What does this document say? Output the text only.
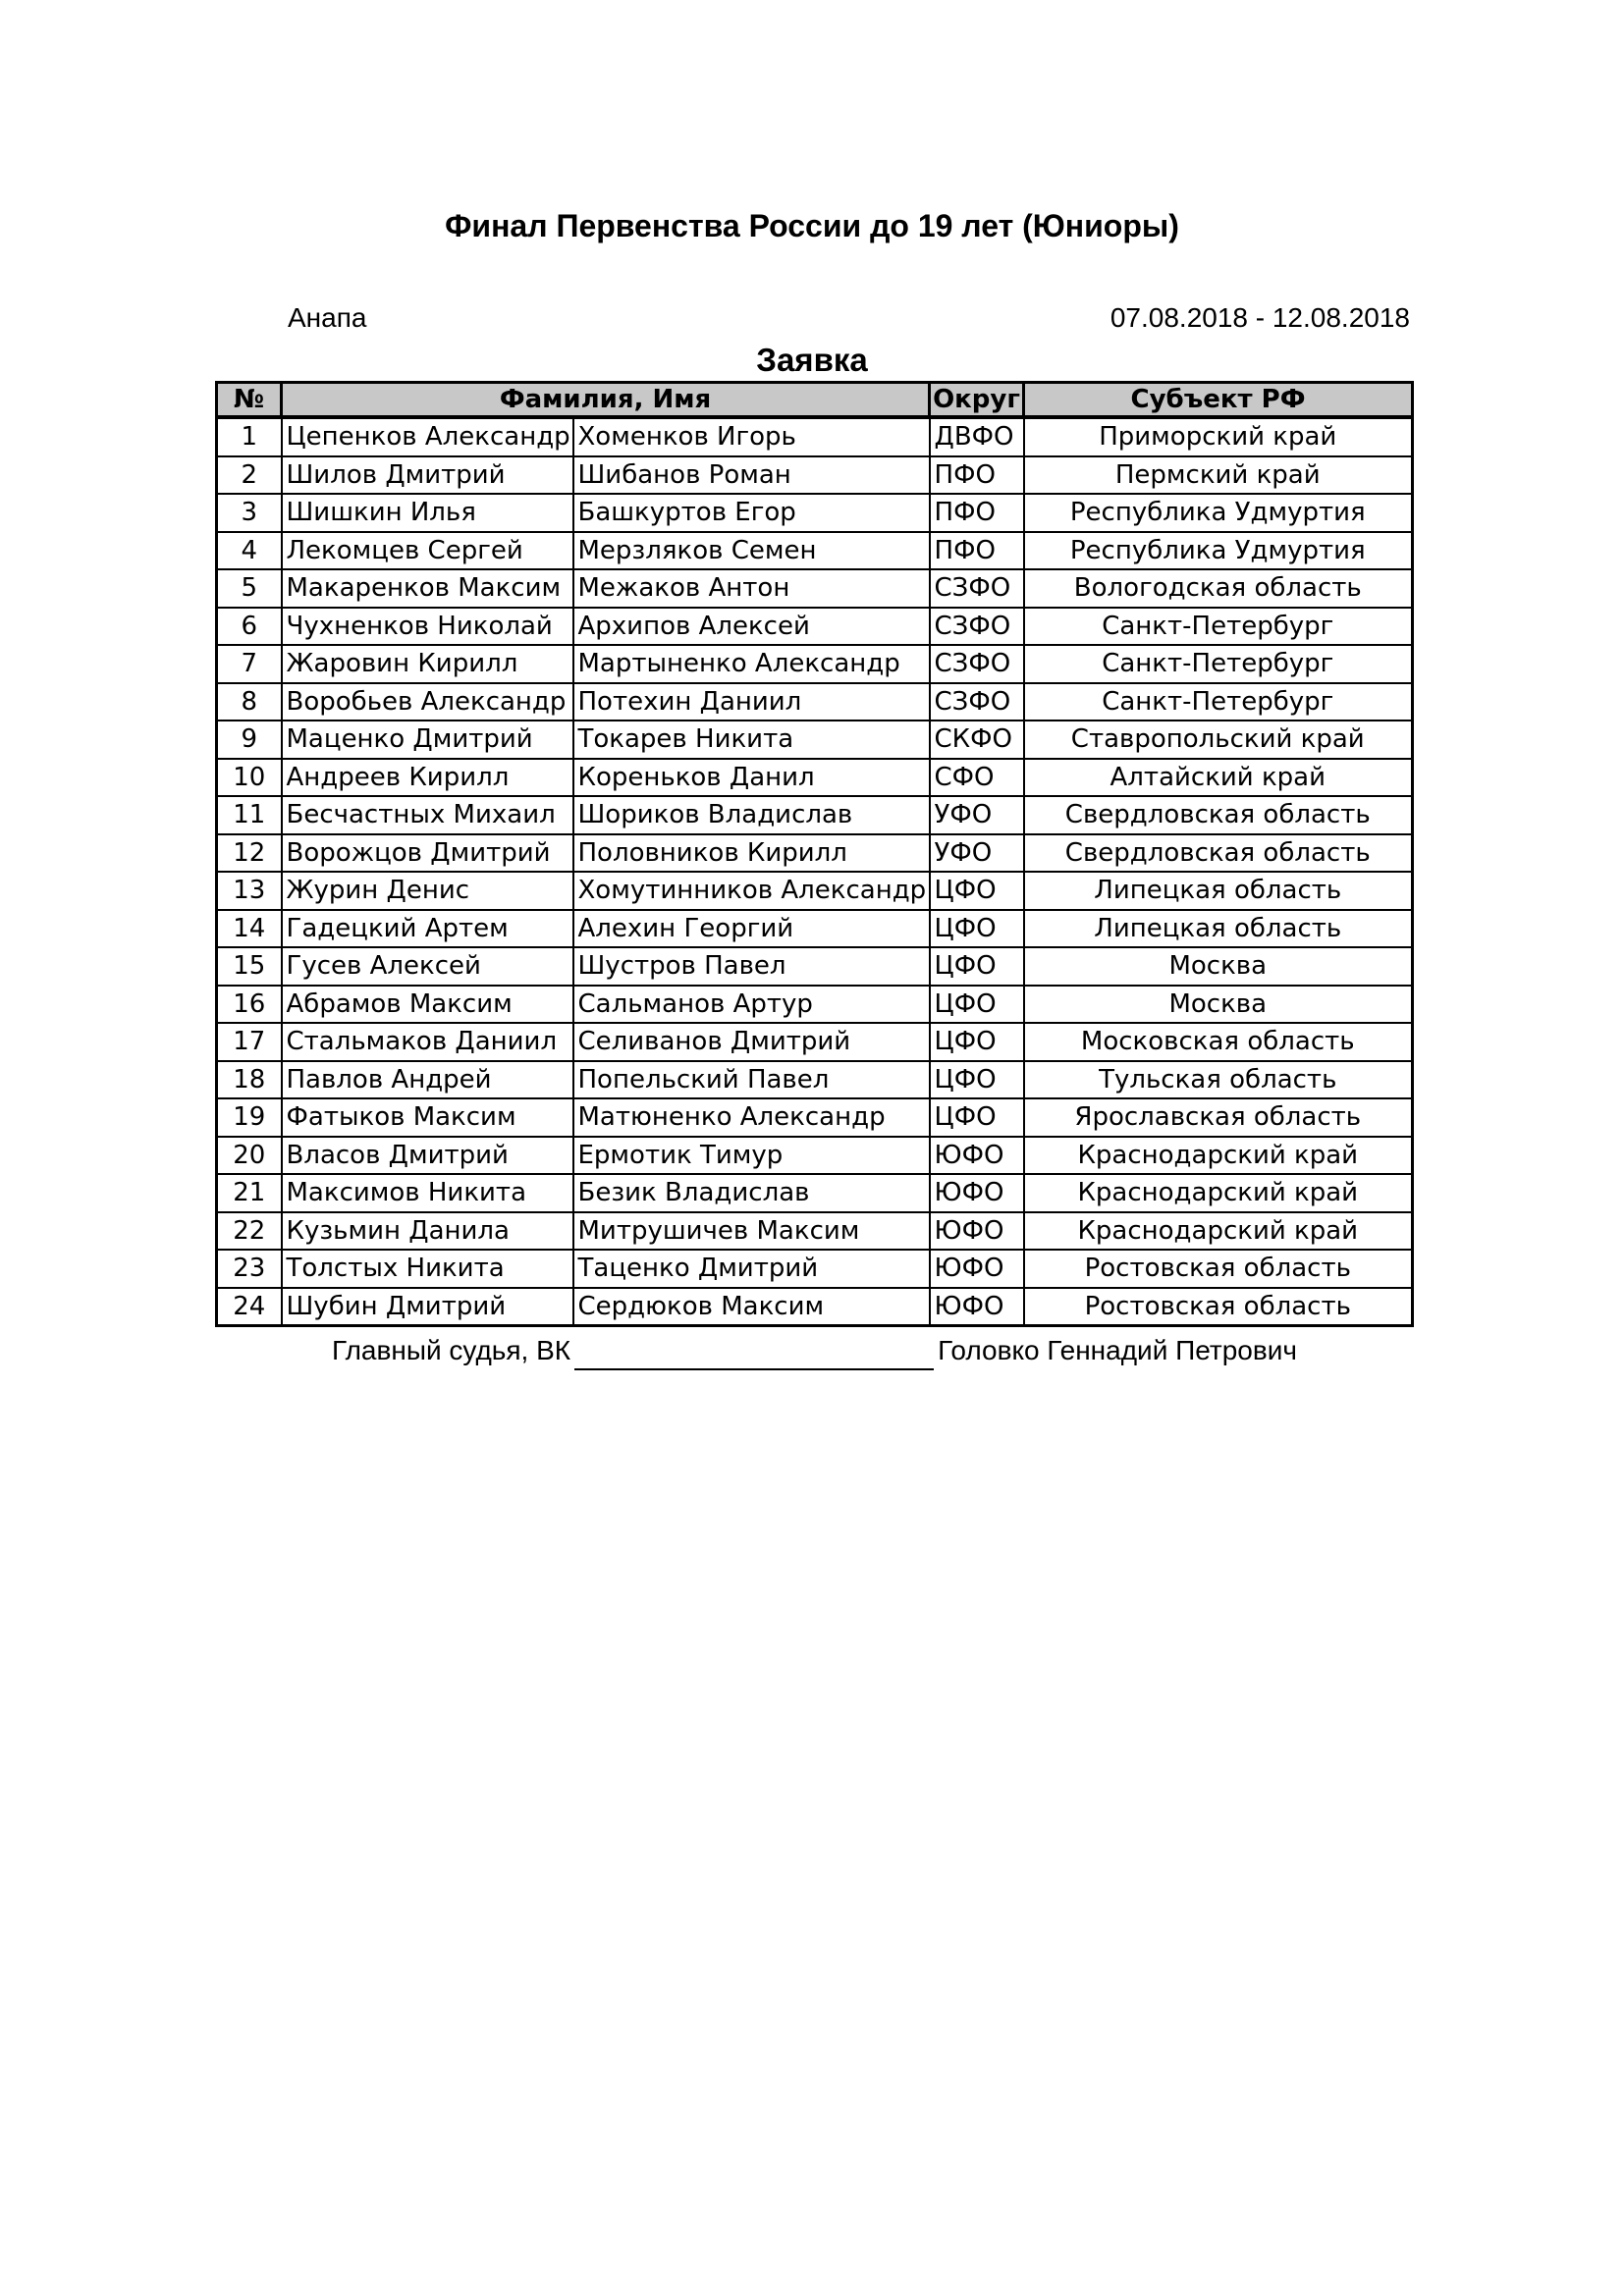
Финал Первенства России до 19 лет (Юниоры)
Анапа	07.08.2018 - 12.08.2018
Заявка
№	Фамилия, Имя		Округ	Субъект РФ
1	Цепенков Александр	Хоменков Игорь	ДВФО	Приморский край
2	Шилов Дмитрий	Шибанов Роман	ПФО	Пермский край
3	Шишкин Илья	Башкуртов Егор	ПФО	Республика Удмуртия
4	Лекомцев Сергей	Мерзляков Семен	ПФО	Республика Удмуртия
5	Макаренков Максим	Межаков Антон	СЗФО	Вологодская область
6	Чухненков Николай	Архипов Алексей	СЗФО	Санкт-Петербург
7	Жаровин Кирилл	Мартыненко Александр	СЗФО	Санкт-Петербург
8	Воробьев Александр	Потехин Даниил	СЗФО	Санкт-Петербург
9	Маценко Дмитрий	Токарев Никита	СКФО	Ставропольский край
10	Андреев Кирилл	Кореньков Данил	СФО	Алтайский край
11	Бесчастных Михаил	Шориков Владислав	УФО	Свердловская область
12	Ворожцов Дмитрий	Половников Кирилл	УФО	Свердловская область
13	Журин Денис	Хомутинников Александр	ЦФО	Липецкая область
14	Гадецкий Артем	Алехин Георгий	ЦФО	Липецкая область
15	Гусев Алексей	Шустров Павел	ЦФО	Москва
16	Абрамов Максим	Сальманов Артур	ЦФО	Москва
17	Стальмаков Даниил	Селиванов Дмитрий	ЦФО	Московская область
18	Павлов Андрей	Попельский Павел	ЦФО	Тульская область
19	Фатыков Максим	Матюненко Александр	ЦФО	Ярославская область
20	Власов Дмитрий	Ермотик Тимур	ЮФО	Краснодарский край
21	Максимов Никита	Безик Владислав	ЮФО	Краснодарский край
22	Кузьмин Данила	Митрушичев Максим	ЮФО	Краснодарский край
23	Толстых Никита	Таценко Дмитрий	ЮФО	Ростовская область
24	Шубин Дмитрий	Сердюков Максим	ЮФО	Ростовская область
Главный судья, ВК	Головко Геннадий Петрович
